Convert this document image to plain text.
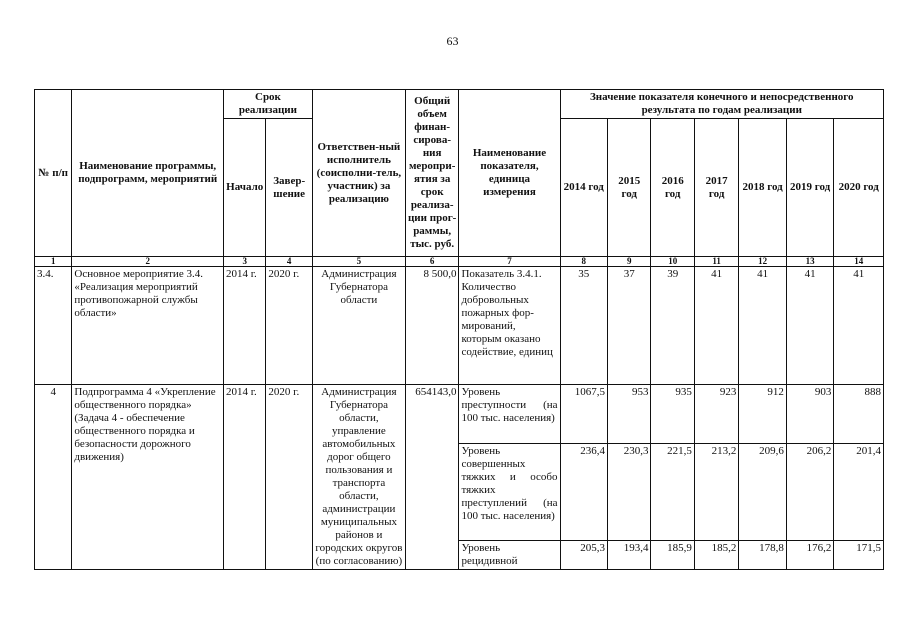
63
№ п/п	Наименование программы, подпрограмм, мероприятий	Срок реализации		Ответствен-ный исполнитель (соисполни-тель, участник) за реализацию	Общий объем финан-сирова-ния меропри-ятия за срок реализа-ции прог-раммы, тыс. руб.	Наименование показателя, единица измерения	Значение показателя конечного и непосредственного результата по годам реализации						
		Начало	Завер-шение				2014 год	2015 год	2016 год	2017 год	2018 год	2019 год	2020 год
1	2	3	4	5	6	7	8	9	10	11	12	13	14
3.4.	Основное мероприятие 3.4. «Реализация мероприятий противопожарной службы области»	2014 г.	2020 г.	Администрация Губернатора области	8 500,0	Показатель 3.4.1. Количество добровольных пожарных фор-мирований, которым оказано содействие, единиц	35	37	39	41	41	41	41
4	Подпрограмма 4 «Укрепление общественного порядка» (Задача 4 - обеспечение общественного порядка и безопасности дорожного движения)	2014 г.	2020 г.	Администрация Губернатора области, управление автомобильных дорог общего пользования и транспорта области, администрации муниципальных районов и городских округов (по согласованию)	654143,0	Уровень преступности (на 100 тыс. населения)	1067,5	953	935	923	912	903	888
						Уровень совершенных тяжких и особо тяжких преступлений (на 100 тыс. населения)	236,4	230,3	221,5	213,2	209,6	206,2	201,4
						Уровень рецидивной	205,3	193,4	185,9	185,2	178,8	176,2	171,5
